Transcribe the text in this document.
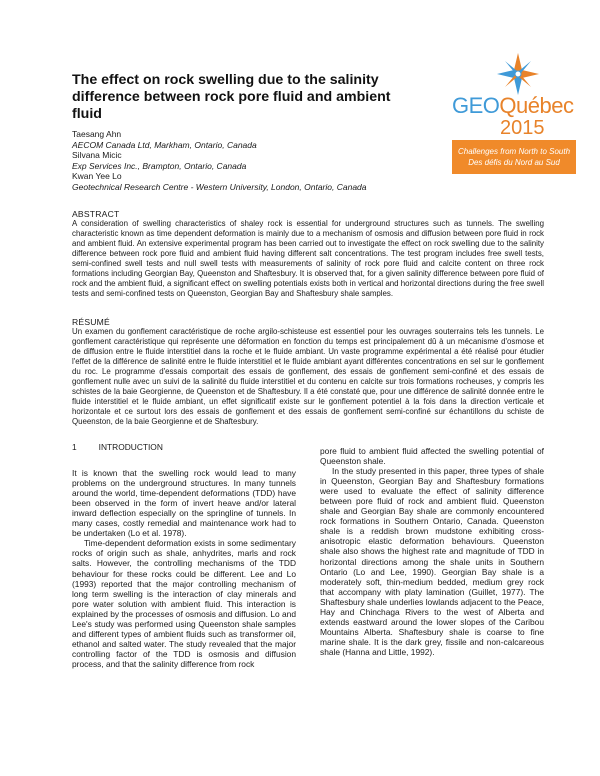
The effect on rock swelling due to the salinity difference between rock pore fluid and ambient fluid
Taesang Ahn
AECOM Canada Ltd, Markham, Ontario, Canada
Silvana Micic
Exp Services Inc., Brampton, Ontario, Canada
Kwan Yee Lo
Geotechnical Research Centre - Western University, London, Ontario, Canada
GEOQuébec
2015
Challenges from North to South
Des défis du Nord au Sud
ABSTRACT

A consideration of swelling characteristics of shaley rock is essential for underground structures such as tunnels. The swelling characteristic known as time dependent deformation is mainly due to a mechanism of osmosis and diffusion between pore fluid in rock and ambient fluid. An extensive experimental program has been carried out to investigate the effect on rock swelling due to the salinity difference between rock pore fluid and ambient fluid having different salt concentrations. The test program includes free swell tests, semi-confined swell tests and null swell tests with measurements of salinity of rock pore fluid and calcite content on three rock formations including Georgian Bay, Queenston and Shaftesbury. It is observed that, for a given salinity difference between pore fluid of rock and the ambient fluid, a significant effect on swelling potentials exists both in vertical and horizontal directions during the free swell tests and semi-confined tests on Queenston, Georgian Bay and Shaftesbury shale samples.

RÉSUMÉ

Un examen du gonflement caractéristique de roche argilo-schisteuse est essentiel pour les ouvrages souterrains tels les tunnels. Le gonflement caractéristique qui représente une déformation en fonction du temps est principalement dû à un mécanisme d'osmose et de diffusion entre le fluide interstitiel dans la roche et le fluide ambiant. Un vaste programme expérimental a été réalisé pour étudier l'effet de la différence de salinité entre le fluide interstitiel et le fluide ambiant ayant différentes concentrations en sel sur le gonflement du roc. Le programme d'essais comportait des essais de gonflement, des essais de gonflement semi-confiné et des essais de gonflement nulle avec un suivi de la salinité du fluide interstitiel et du contenu en calcite sur trois formations rocheuses, y compris les schistes de la baie Georgienne, de Queenston et de Shaftesbury. Il a été constaté que, pour une différence de salinité donnée entre le fluide interstitiel et le fluide ambiant, un effet significatif existe sur le gonflement potentiel à la fois dans la direction verticale et horizontale et ce surtout lors des essais de gonflement et des essais de gonflement semi-confiné sur échantillons du schiste de Queenston, de la baie Georgienne et de Shaftesbury.

1	INTRODUCTION

It is known that the swelling rock would lead to many problems on the underground structures. In many tunnels around the world, time-dependent deformations (TDD) have been observed in the form of invert heave and/or lateral inward deflection especially on the springline of tunnels. In many cases, costly remedial and maintenance work had to be undertaken (Lo et al. 1978).

Time-dependent deformation exists in some sedimentary rocks of origin such as shale, anhydrites, marls and rock salts. However, the controlling mechanisms of the TDD behaviour for these rocks could be different. Lee and Lo (1993) reported that the major controlling mechanism of long term swelling is the interaction of clay minerals and pore water solution with ambient fluid. This interaction is explained by the processes of osmosis and diffusion. Lo and Lee's study was performed using Queenston shale samples and different types of ambient fluids such as transformer oil, ethanol and salted water. The study revealed that the major controlling factor of the TDD is osmosis and diffusion process, and that the salinity difference from rock

pore fluid to ambient fluid affected the swelling potential of Queenston shale.

In the study presented in this paper, three types of shale in Queenston, Georgian Bay and Shaftesbury formations were used to evaluate the effect of salinity difference between pore fluid of rock and ambient fluid. Queenston shale and Georgian Bay shale are commonly encountered rock formations in Southern Ontario, Canada. Queenston shale is a reddish brown mudstone exhibiting cross-anisotropic elastic deformation behaviours. Queenston shale also shows the highest rate and magnitude of TDD in horizontal directions among the shale units in Southern Ontario (Lo and Lee, 1990). Georgian Bay shale is a moderately soft, thin-medium bedded, medium grey rock that accompany with platy lamination (Guillet, 1977). The Shaftesbury shale underlies lowlands adjacent to the Peace, Hay and Chinchaga Rivers to the west of Alberta and extends eastward around the lower slopes of the Caribou Mountains Alberta. Shaftesbury shale is coarse to fine marine shale. It is the dark grey, fissile and non-calcareous shale (Hanna and Little, 1992).
